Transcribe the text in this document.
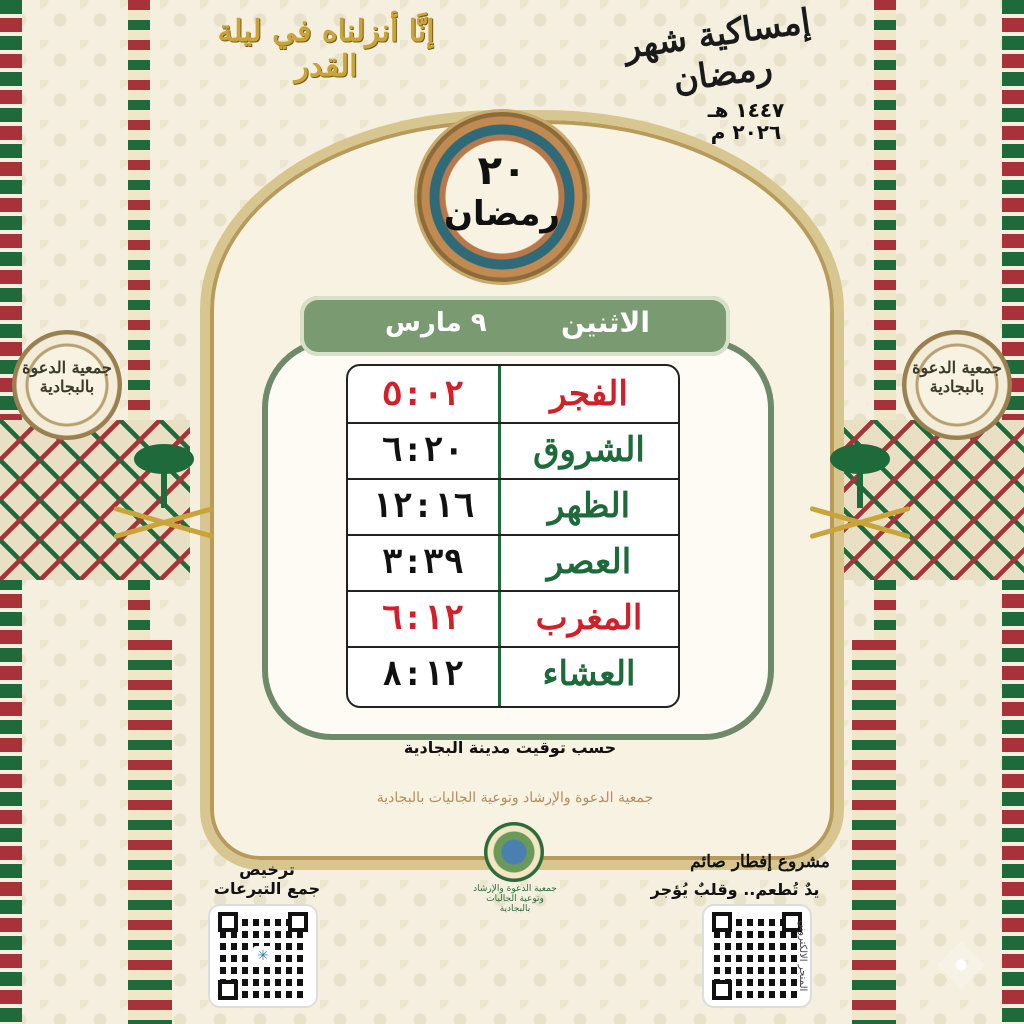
إنَّا أنزلناه في ليلة القدر	إمساكية شهر رمضان
١٤٤٧ هـ
٢٠٢٦ م
جمعية الدعوة بالبجادية
جمعية الدعوة بالبجادية
٢٠
رمضان
الاثنين
٩ مارس
الفجر
٥:٠٢
الشروق
٦:٢٠
الظهر
١٢:١٦
العصر
٣:٣٩
المغرب
٦:١٢
العشاء
٨:١٢
حسب توقيت مدينة البجادية
جمعية الدعوة والإرشاد وتوعية الجاليات بالبجادية
جمعية الدعوة والإرشاد وتوعية الجاليات بالبجادية
ترخيص
جمع التبرعات
✳
مشروع إفطار صائم
يدٌ تُطعم.. وقلبٌ يُؤجر
المتجر الالكتروني
